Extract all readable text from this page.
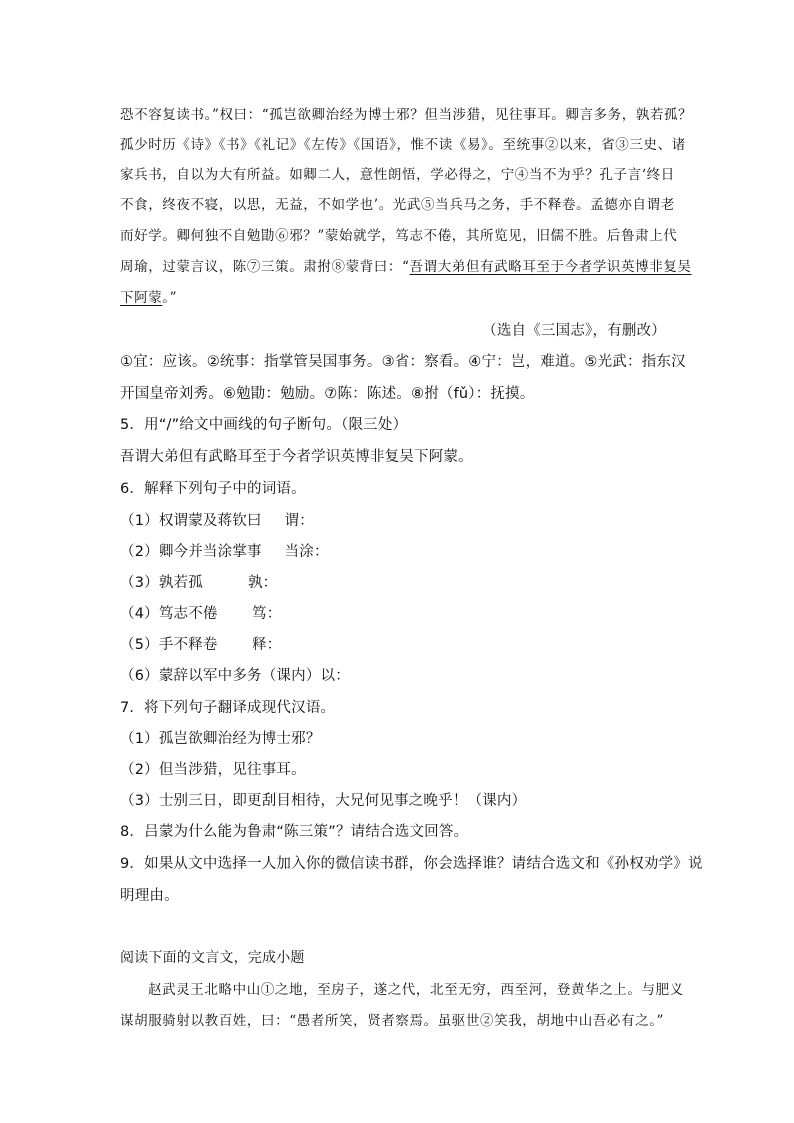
恐不容复读书。”权曰：“孤岂欲卿治经为博士邪？但当涉猎，见往事耳。卿言多务，孰若孤？
孤少时历《诗》《书》《礼记》《左传》《国语》，惟不读《易》。至统事②以来，省③三史、诸
家兵书，自以为大有所益。如卿二人，意性朗悟，学必得之，宁④当不为乎？孔子言‘终日
不食，终夜不寝，以思，无益，不如学也’。光武⑤当兵马之务，手不释卷。孟德亦自谓老
而好学。卿何独不自勉勖⑥邪？”蒙始就学，笃志不倦，其所览见，旧儒不胜。后鲁肃上代
周瑜，过蒙言议，陈⑦三策。肃拊⑧蒙背曰：“吾谓大弟但有武略耳至于今者学识英博非复吴
下阿蒙。”
（选自《三国志》，有删改）
①宜：应该。②统事：指掌管吴国事务。③省：察看。④宁：岂，难道。⑤光武：指东汉
开国皇帝刘秀。⑥勉勖：勉励。⑦陈：陈述。⑧拊（fǔ）：抚摸。
5．用“/”给文中画线的句子断句。（限三处）
吾谓大弟但有武略耳至于今者学识英博非复吴下阿蒙。
6．解释下列句子中的词语。
（1）权谓蒙及蒋钦曰 谓：
（2）卿今并当涂掌事 当涂：
（3）孰若孤	孰：
（4）笃志不倦 笃：
（5）手不释卷 释：
（6）蒙辞以军中多务（课内）以：
7．将下列句子翻译成现代汉语。
（1）孤岂欲卿治经为博士邪？
（2）但当涉猎，见往事耳。
（3）士别三日，即更刮目相待，大兄何见事之晚乎！（课内）
8．吕蒙为什么能为鲁肃“陈三策”？请结合选文回答。
9．如果从文中选择一人加入你的微信读书群，你会选择谁？请结合选文和《孙权劝学》说
明理由。
阅读下面的文言文，完成小题
赵武灵王北略中山①之地，至房子，遂之代，北至无穷，西至河，登黄华之上。与肥义
谋胡服骑射以教百姓，曰：“愚者所笑，贤者察焉。虽驱世②笑我，胡地中山吾必有之。”
